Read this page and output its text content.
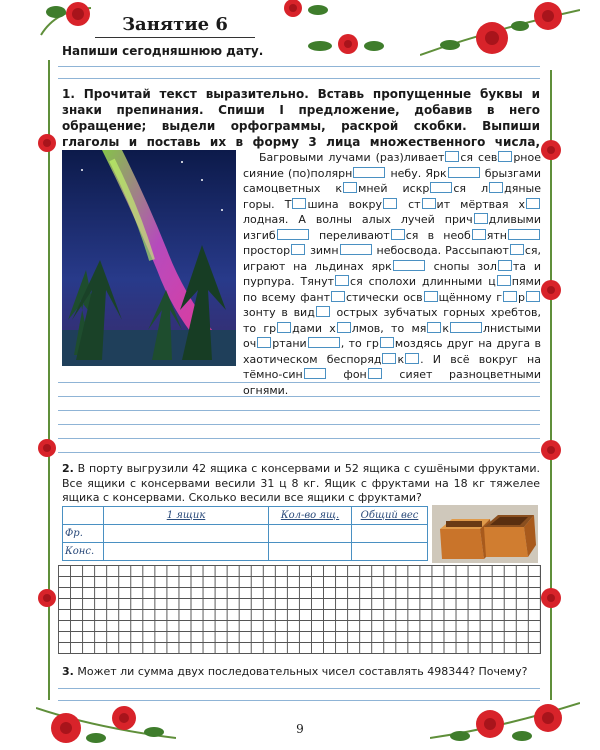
Занятие 6
Напиши сегодняшнюю дату.
1. Прочитай текст выразительно. Вставь пропущенные буквы и знаки препинания. Спиши I предложение, добавив в него обращение; выдели орфограммы, раскрой скобки. Выпиши глаголы и поставь их в форму 3 лица множественного числа,

Багровыми лучами (раз)ливает ся сев рное сияние (по)полярн	небу. Ярк	брызгами самоцветных к мней искр ся л дяные горы. Т шина вокру ст ит мёртвая хлодная. А волны алых лучей прич дливыми изгиб	переливают ся в необ ятн простор зимн	небосвода. Рассыпают ся, играют на льдинах ярк	снопы зол та и пурпура. Тянут ся сполохи длинными ц пями по всему фант стически осв щённому г рзонту в вид острых зубчатых горных хребтов, то гр дами х лмов, то мя к	лнистыми оч ртани	, то гр моздясь друг на друга в хаотическом беспоряд к . И всё вокруг на тёмно-син	фон	сияет разноцветными огнями.

2. В порту выгрузили 42 ящика с консервами и 52 ящика с сушёными фруктами. Все ящики с консервами весили 31 ц 8 кг. Ящик с фруктами на 18 кг тяжелее ящика с консервами. Сколько весили все ящики с фруктами?
	1 ящик	Кол-во ящ.	Общий вес
Фр.			
Конс.			
3. Может ли сумма двух последовательных чисел составлять 498344? Почему?
9
